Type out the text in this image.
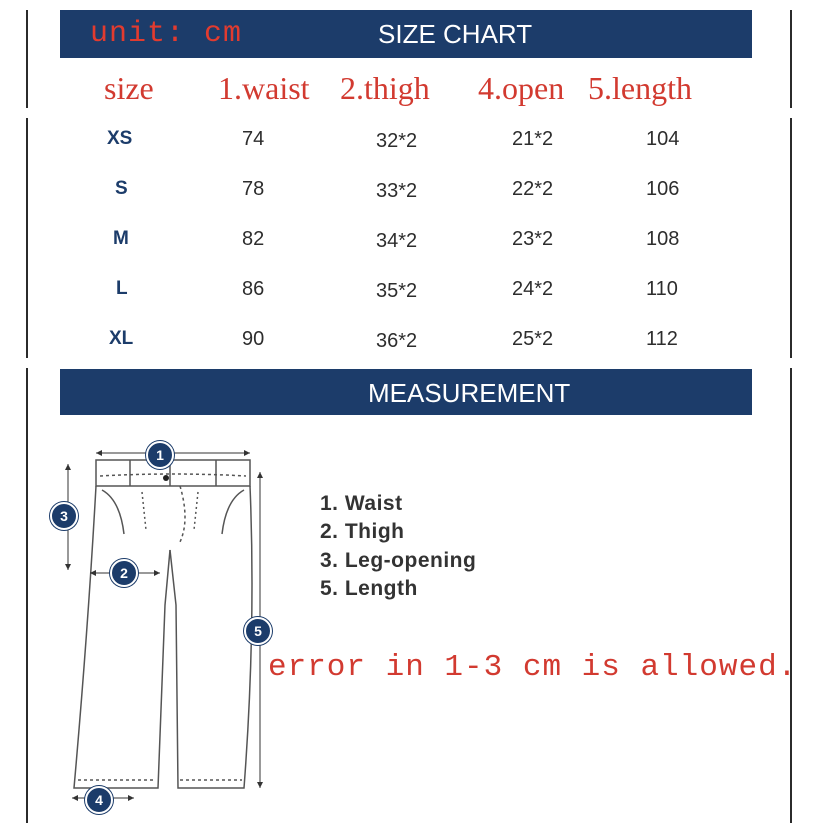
unit: cm	SIZE CHART
size 1.waist 2.thigh 4.open 5.length
XS	74	32*2	21*2	104
S	78	33*2	22*2	106
M	82	34*2	23*2	108
L	86	35*2	24*2	110
XL	90	36*2	25*2	112
MEASUREMENT
1
2
3
4
5
1. Waist
2. Thigh
3. Leg-opening
5. Length
error in 1-3 cm is allowed.
